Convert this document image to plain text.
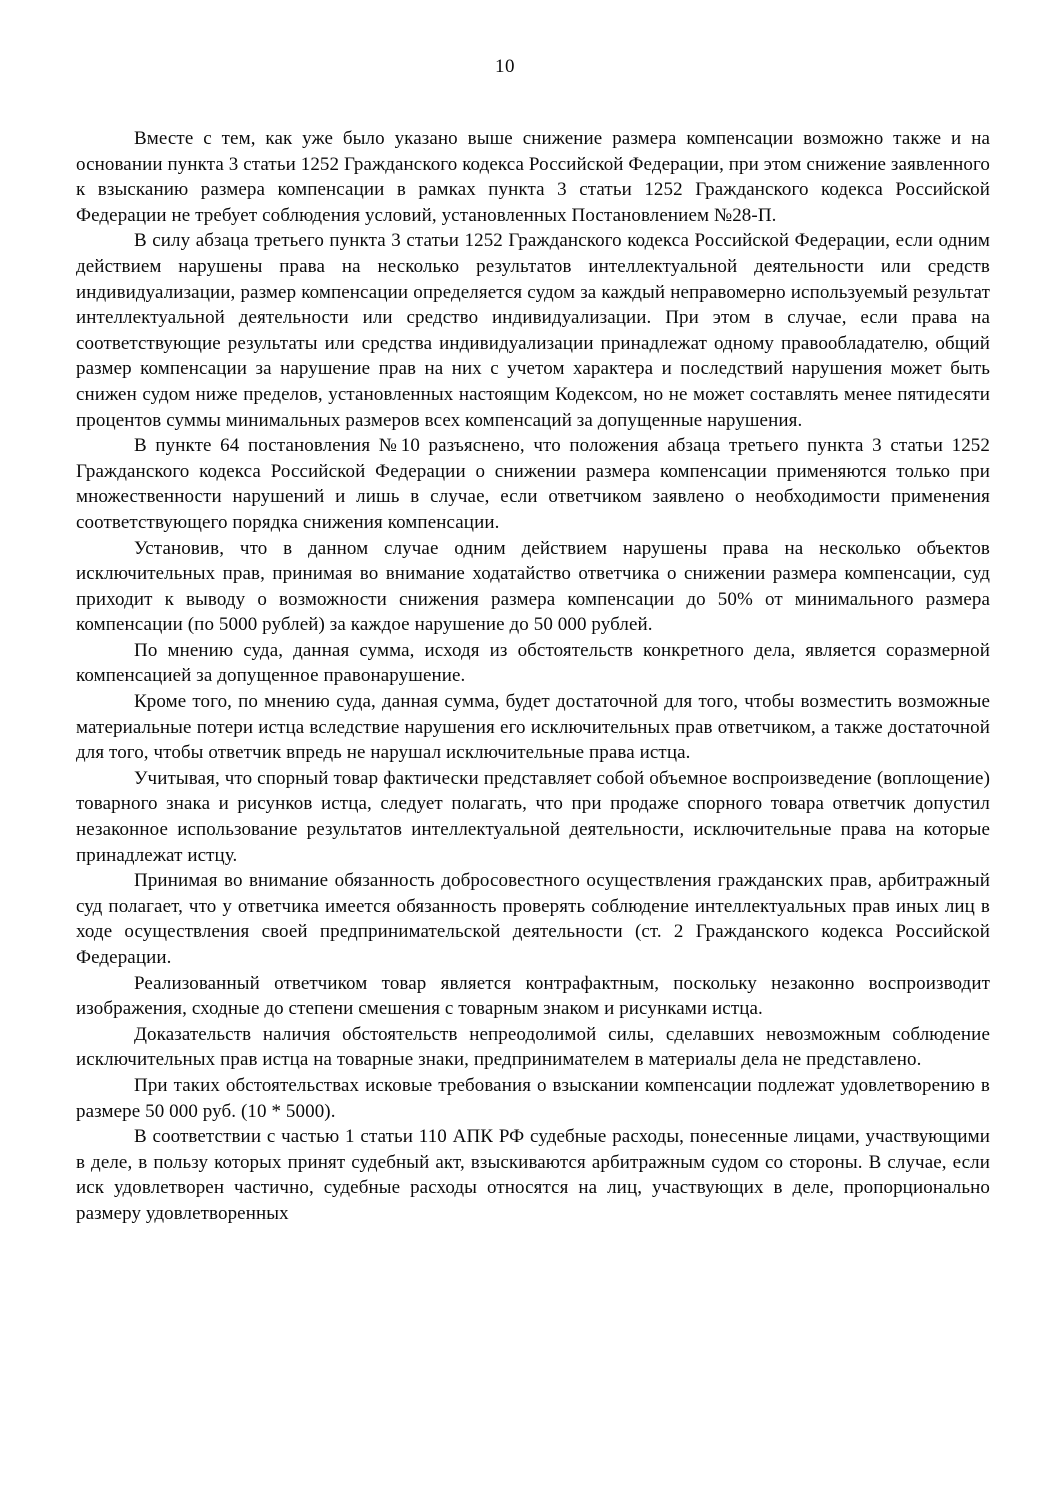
10

Вместе с тем, как уже было указано выше снижение размера компенсации возможно также и на основании пункта 3 статьи 1252 Гражданского кодекса Российской Федерации, при этом снижение заявленного к взысканию размера компенсации в рамках пункта 3 статьи 1252 Гражданского кодекса Российской Федерации не требует соблюдения условий, установленных Постановлением №28-П.

В силу абзаца третьего пункта 3 статьи 1252 Гражданского кодекса Российской Федерации, если одним действием нарушены права на несколько результатов интеллектуальной деятельности или средств индивидуализации, размер компенсации определяется судом за каждый неправомерно используемый результат интеллектуальной деятельности или средство индивидуализации. При этом в случае, если права на соответствующие результаты или средства индивидуализации принадлежат одному правообладателю, общий размер компенсации за нарушение прав на них с учетом характера и последствий нарушения может быть снижен судом ниже пределов, установленных настоящим Кодексом, но не может составлять менее пятидесяти процентов суммы минимальных размеров всех компенсаций за допущенные нарушения.

В пункте 64 постановления №10 разъяснено, что положения абзаца третьего пункта 3 статьи 1252 Гражданского кодекса Российской Федерации о снижении размера компенсации применяются только при множественности нарушений и лишь в случае, если ответчиком заявлено о необходимости применения соответствующего порядка снижения компенсации.

Установив, что в данном случае одним действием нарушены права на несколько объектов исключительных прав, принимая во внимание ходатайство ответчика о снижении размера компенсации, суд приходит к выводу о возможности снижения размера компенсации до 50% от минимального размера компенсации (по 5000 рублей) за каждое нарушение до 50 000 рублей.

По мнению суда, данная сумма, исходя из обстоятельств конкретного дела, является соразмерной компенсацией за допущенное правонарушение.

Кроме того, по мнению суда, данная сумма, будет достаточной для того, чтобы возместить возможные материальные потери истца вследствие нарушения его исключительных прав ответчиком, а также достаточной для того, чтобы ответчик впредь не нарушал исключительные права истца.

Учитывая, что спорный товар фактически представляет собой объемное воспроизведение (воплощение) товарного знака и рисунков истца, следует полагать, что при продаже спорного товара ответчик допустил незаконное использование результатов интеллектуальной деятельности, исключительные права на которые принадлежат истцу.

Принимая во внимание обязанность добросовестного осуществления гражданских прав, арбитражный суд полагает, что у ответчика имеется обязанность проверять соблюдение интеллектуальных прав иных лиц в ходе осуществления своей предпринимательской деятельности (ст. 2 Гражданского кодекса Российской Федерации.

Реализованный ответчиком товар является контрафактным, поскольку незаконно воспроизводит изображения, сходные до степени смешения с товарным знаком и рисунками истца.

Доказательств наличия обстоятельств непреодолимой силы, сделавших невозможным соблюдение исключительных прав истца на товарные знаки, предпринимателем в материалы дела не представлено.

При таких обстоятельствах исковые требования о взыскании компенсации подлежат удовлетворению в размере 50 000 руб. (10 * 5000).

В соответствии с частью 1 статьи 110 АПК РФ судебные расходы, понесенные лицами, участвующими в деле, в пользу которых принят судебный акт, взыскиваются арбитражным судом со стороны. В случае, если иск удовлетворен частично, судебные расходы относятся на лиц, участвующих в деле, пропорционально размеру удовлетворенных
